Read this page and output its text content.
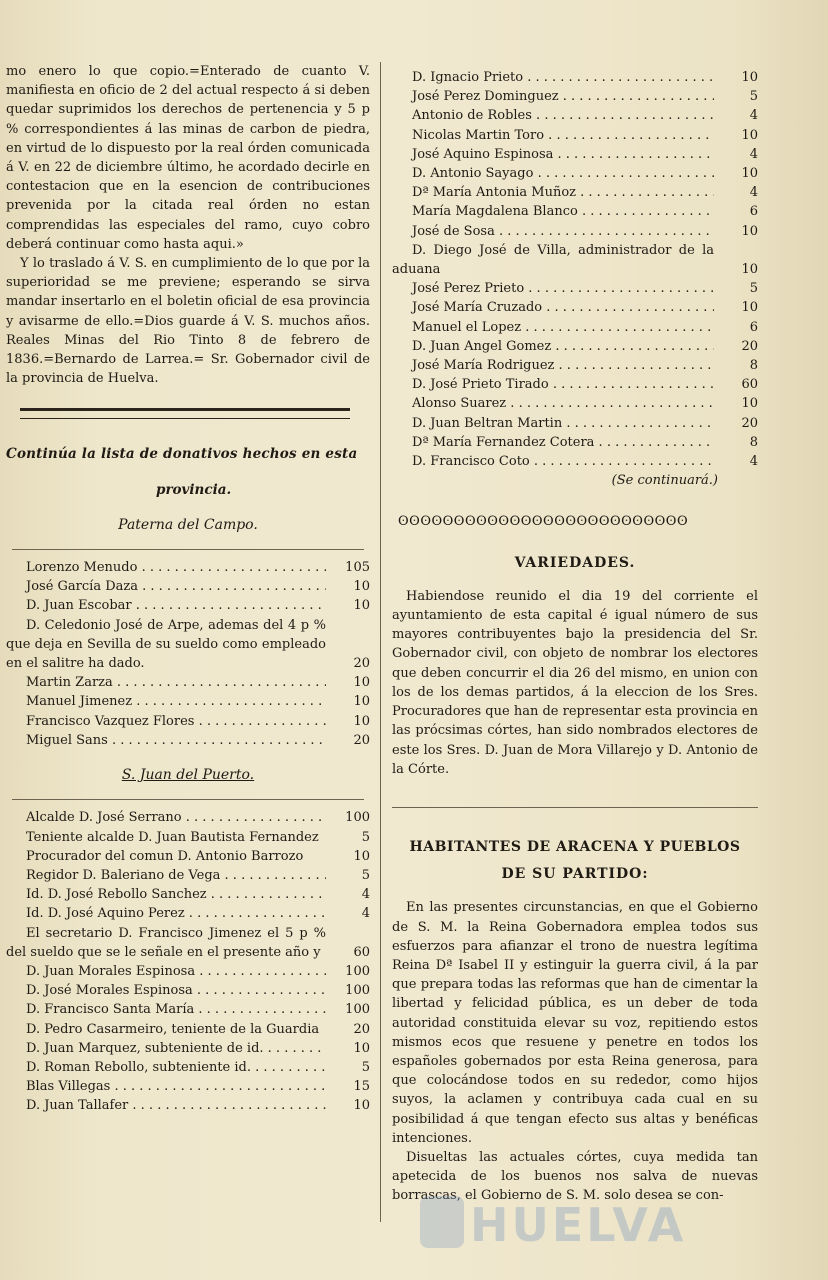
mo enero lo que copio.=Enterado de cuanto V. manifiesta en oficio de 2 del actual respecto á si deben quedar suprimidos los derechos de pertenencia y 5 p % correspondientes á las minas de carbon de piedra, en virtud de lo dispuesto por la real órden comunicada á V. en 22 de diciembre último, he acordado decirle en contestacion que en la esencion de contribuciones prevenida por la citada real órden no estan comprendidas las especiales del ramo, cuyo cobro deberá continuar como hasta aqui.»

Y lo traslado á V. S. en cumplimiento de lo que por la superioridad se me previene; esperando se sirva mandar insertarlo en el boletin oficial de esa provincia y avisarme de ello.=Dios guarde á V. S. muchos años. Reales Minas del Rio Tinto 8 de febrero de 1836.=Bernardo de Larrea.= Sr. Gobernador civil de la provincia de Huelva.

Continúa la lista de donativos hechos en esta
provincia.
Paterna del Campo.
Lorenzo Menudo . . .	105
José García Daza . . .	10
D. Juan Escobar . . .	10
D. Celedonio José de Arpe, ademas del 4 p % que deja en Sevilla de su sueldo como empleado en el salitre ha dado.	20
Martin Zarza . . .	10
Manuel Jimenez . . .	10
Francisco Vazquez Flores . . .	10
Miguel Sans . . .	20
S. Juan del Puerto.
Alcalde D. José Serrano . . .	100
Teniente alcalde D. Juan Bautista Fernandez	5
Procurador del comun D. Antonio Barrozo	10
Regidor D. Baleriano de Vega . . .	5
Id. D. José Rebollo Sanchez . . .	4
Id. D. José Aquino Perez . . .	4
El secretario D. Francisco Jimenez el 5 p % del sueldo que se le señale en el presente año y	60
D. Juan Morales Espinosa . . .	100
D. José Morales Espinosa . . .	100
D. Francisco Santa María . . .	100
D. Pedro Casarmeiro, teniente de la Guardia	20
D. Juan Marquez, subteniente de id. . . .	10
D. Roman Rebollo, subteniente id. . . .	5
Blas Villegas . . .	15
D. Juan Tallafer . . .	10
D. Ignacio Prieto . . .	10
José Perez Dominguez . . .	5
Antonio de Robles . . .	4
Nicolas Martin Toro . . .	10
José Aquino Espinosa . . .	4
D. Antonio Sayago . . .	10
Dª María Antonia Muñoz . . .	4
María Magdalena Blanco . . .	6
José de Sosa . . .	10
D. Diego José de Villa, administrador de la aduana	10
José Perez Prieto . . .	5
José María Cruzado . . .	10
Manuel el Lopez . . .	6
D. Juan Angel Gomez . . .	20
José María Rodriguez . . .	8
D. José Prieto Tirado . . .	60
Alonso Suarez . . .	10
D. Juan Beltran Martin . . .	20
Dª María Fernandez Cotera . . .	8
D. Francisco Coto . . .	4
(Se continuará.)
ʘʘʘʘʘʘʘʘʘʘʘʘʘʘʘʘʘʘʘʘʘʘʘʘʘʘ
VARIEDADES.

Habiendose reunido el dia 19 del corriente el ayuntamiento de esta capital é igual número de sus mayores contribuyentes bajo la presidencia del Sr. Gobernador civil, con objeto de nombrar los electores que deben concurrir el dia 26 del mismo, en union con los de los demas partidos, á la eleccion de los Sres. Procuradores que han de representar esta provincia en las prócsimas córtes, han sido nombrados electores de este los Sres. D. Juan de Mora Villarejo y D. Antonio de la Córte.

HABITANTES DE ARACENA Y PUEBLOS
DE SU PARTIDO:

En las presentes circunstancias, en que el Gobierno de S. M. la Reina Gobernadora emplea todos sus esfuerzos para afianzar el trono de nuestra legítima Reina Dª Isabel II y estinguir la guerra civil, á la par que prepara todas las reformas que han de cimentar la libertad y felicidad pública, es un deber de toda autoridad constituida elevar su voz, repitiendo estos mismos ecos que resuene y penetre en todos los españoles gobernados por esta Reina generosa, para que colocándose todos en su rededor, como hijos suyos, la aclamen y contribuya cada cual en su posibilidad á que tengan efecto sus altas y benéficas intenciones.

Disueltas las actuales córtes, cuya medida tan apetecida de los buenos nos salva de nuevas borrascas, el Gobierno de S. M. solo desea se con-

HUELVA
